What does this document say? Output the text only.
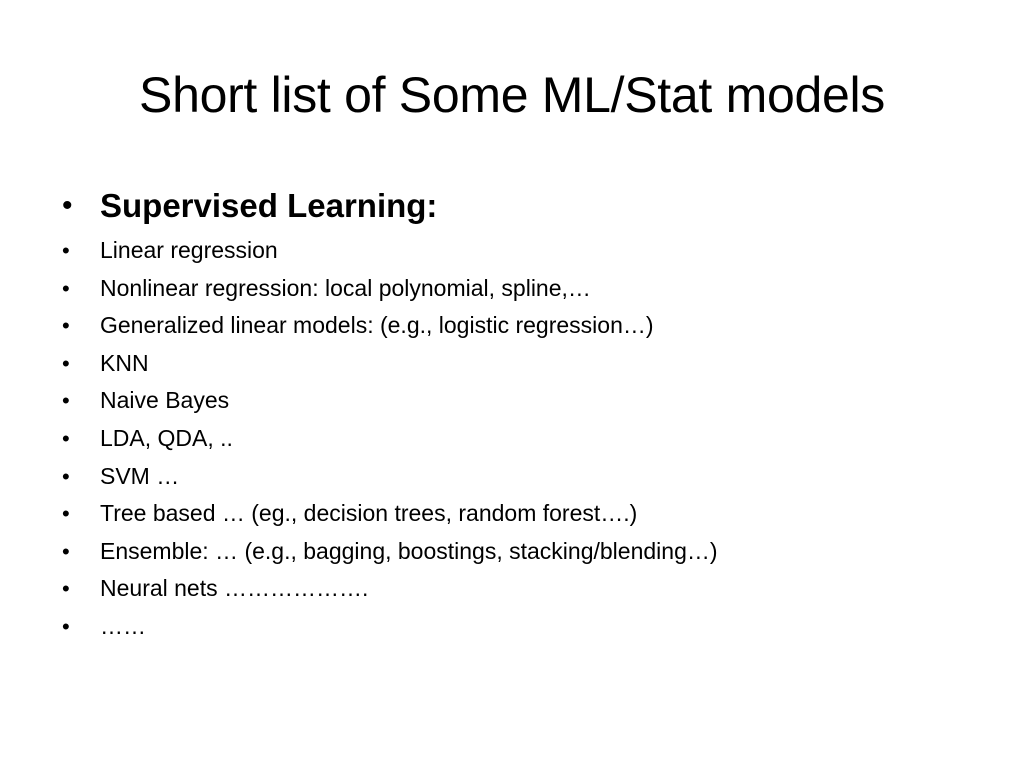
Short list of Some ML/Stat models
• Supervised Learning:
•	Linear regression
•	Nonlinear regression: local polynomial, spline,…
•	Generalized linear models: (e.g., logistic regression…)
•	KNN
•	Naive Bayes
•	LDA, QDA, ..
•	SVM …
•	Tree based … (eg., decision trees, random forest….)
•	Ensemble: … (e.g., bagging, boostings, stacking/blending…)
•	Neural nets ……………….
•	……
